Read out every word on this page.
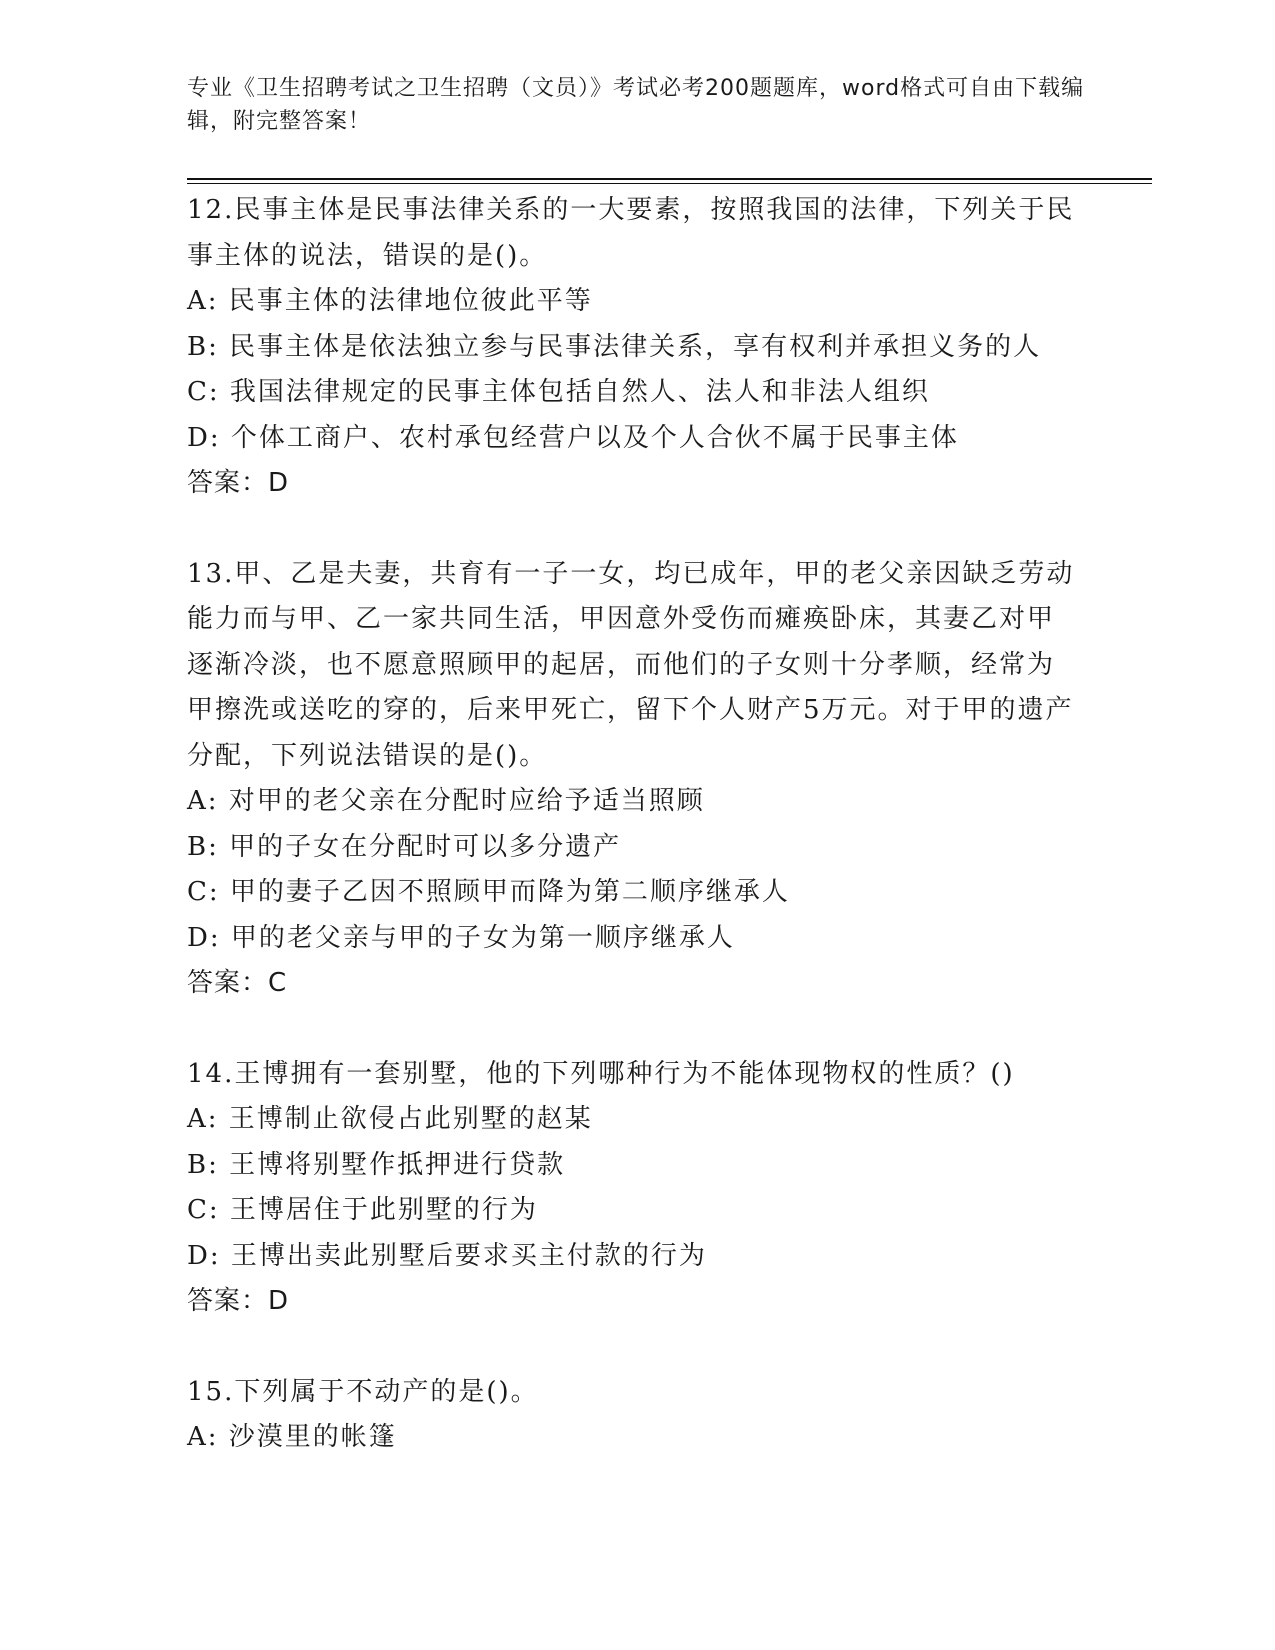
专业《卫生招聘考试之卫生招聘（文员）》考试必考200题题库，word格式可自由下载编辑，附完整答案！

12.民事主体是民事法律关系的一大要素，按照我国的法律，下列关于民事主体的说法，错误的是()。

A: 民事主体的法律地位彼此平等

B: 民事主体是依法独立参与民事法律关系，享有权利并承担义务的人

C: 我国法律规定的民事主体包括自然人、法人和非法人组织

D: 个体工商户、农村承包经营户以及个人合伙不属于民事主体

答案：D

13.甲、乙是夫妻，共育有一子一女，均已成年，甲的老父亲因缺乏劳动能力而与甲、乙一家共同生活，甲因意外受伤而瘫痪卧床，其妻乙对甲逐渐冷淡，也不愿意照顾甲的起居，而他们的子女则十分孝顺，经常为甲擦洗或送吃的穿的，后来甲死亡，留下个人财产5万元。对于甲的遗产分配，下列说法错误的是()。

A: 对甲的老父亲在分配时应给予适当照顾

B: 甲的子女在分配时可以多分遗产

C: 甲的妻子乙因不照顾甲而降为第二顺序继承人

D: 甲的老父亲与甲的子女为第一顺序继承人

答案：C

14.王博拥有一套别墅，他的下列哪种行为不能体现物权的性质？()

A: 王博制止欲侵占此别墅的赵某

B: 王博将别墅作抵押进行贷款

C: 王博居住于此别墅的行为

D: 王博出卖此别墅后要求买主付款的行为

答案：D

15.下列属于不动产的是()。

A: 沙漠里的帐篷
